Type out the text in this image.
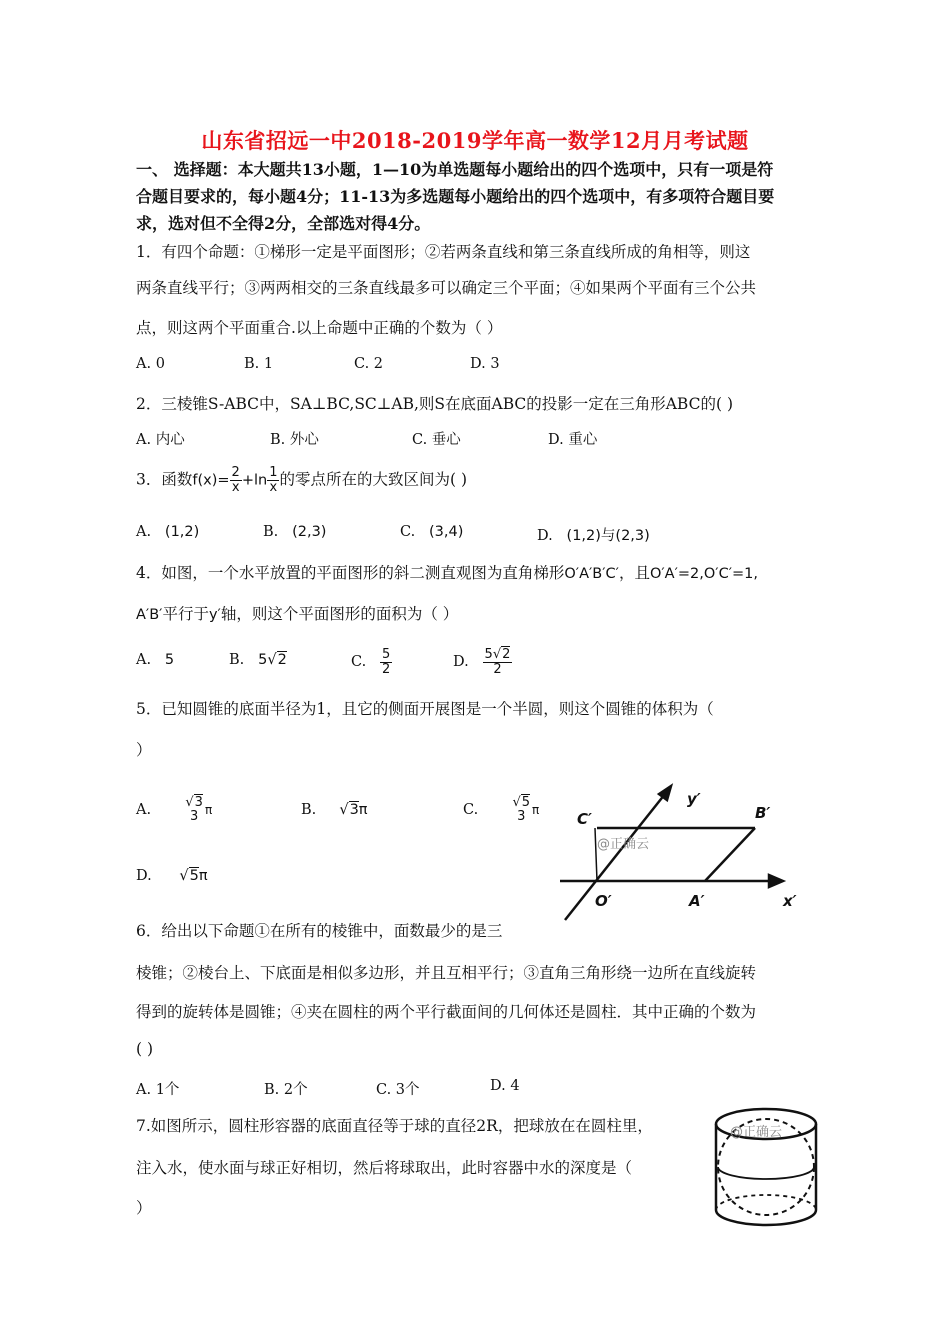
山东省招远一中2018-2019学年高一数学12月月考试题
一、 选择题：本大题共13小题，1—10为单选题每小题给出的四个选项中，只有一项是符
合题目要求的，每小题4分；11-13为多选题每小题给出的四个选项中，有多项符合题目要
求，选对但不全得2分，全部选对得4分。
1．有四个命题：①梯形一定是平面图形；②若两条直线和第三条直线所成的角相等，则这
两条直线平行；③两两相交的三条直线最多可以确定三个平面；④如果两个平面有三个公共
点，则这两个平面重合.以上命题中正确的个数为（ ）
A. 0	B. 1	C. 2	D. 3
2．三棱锥S-ABC中，SA⊥BC,SC⊥AB,则S在底面ABC的投影一定在三角形ABC的( )
A. 内心	B. 外心	C. 垂心	D. 重心
3．函数$f(x)= \frac{2}{x} +\ln \frac{1}{x}$ 的零点所在的大致区间为( )
A. (1,2)	B. (2,3)	C. (3,4)	D. (1,2)与(2,3)
4．如图，一个水平放置的平面图形的斜二测直观图为直角梯形O′A′B′C′，且O′A′=2,O′C′=1,
A′B′平行于y′轴，则这个平面图形的面积为（ ）
A. 5	B. 5√2	C. $\frac{5}{2}$	D. $\frac{5√2}{2}$
5．已知圆锥的底面半径为1，且它的侧面开展图是一个半圆，则这个圆锥的体积为（
）
A.	√3
3 π	B. √3π	C.	√5
3 π
D. √5π
C′	B′
y′
O′	A′	x′
@正确云
6．给出以下命题①在所有的棱锥中，面数最少的是三
棱锥；②棱台上、下底面是相似多边形，并且互相平行；③直角三角形绕一边所在直线旋转
得到的旋转体是圆锥；④夹在圆柱的两个平行截面间的几何体还是圆柱．其中正确的个数为
( )
A. 1个	B. 2个	C. 3个	D. 4
7.如图所示，圆柱形容器的底面直径等于球的直径2R，把球放在在圆柱里，
注入水，使水面与球正好相切，然后将球取出，此时容器中水的深度是（
）
@正确云
